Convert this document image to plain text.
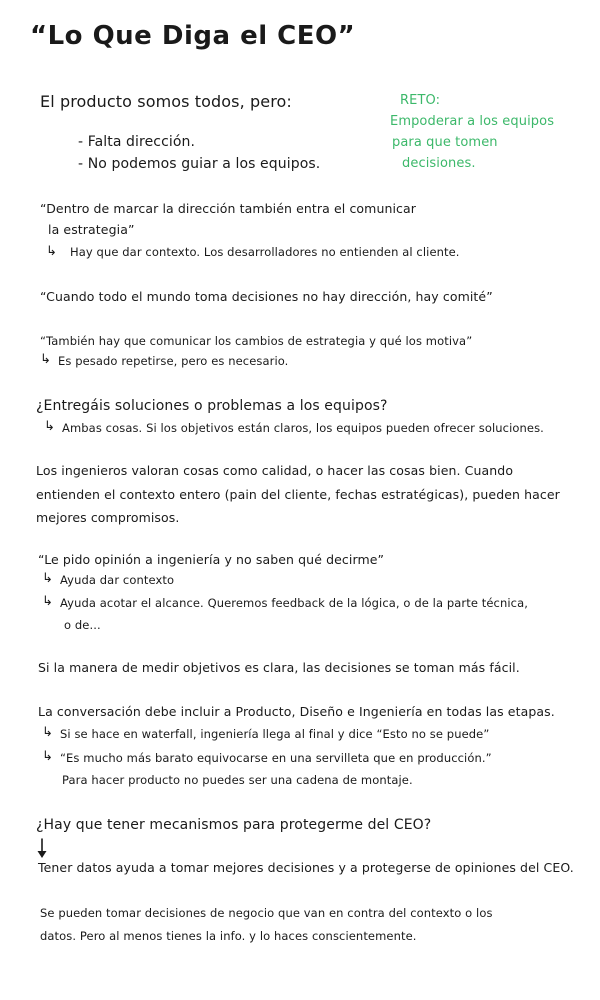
“Lo Que Diga el CEO”
El producto somos todos, pero:
- Falta dirección.
- No podemos guiar a los equipos.
RETO:
Empoderar a los equipos
para que tomen
decisiones.
“Dentro de marcar la dirección también entra el comunicar
la estrategia”
↳ Hay que dar contexto. Los desarrolladores no entienden al cliente.
“Cuando todo el mundo toma decisiones no hay dirección, hay comité”
“También hay que comunicar los cambios de estrategia y qué los motiva”
↳ Es pesado repetirse, pero es necesario.
¿Entregáis soluciones o problemas a los equipos?
↳ Ambas cosas. Si los objetivos están claros, los equipos pueden ofrecer soluciones.
Los ingenieros valoran cosas como calidad, o hacer las cosas bien. Cuando
entienden el contexto entero (pain del cliente, fechas estratégicas), pueden hacer
mejores compromisos.
“Le pido opinión a ingeniería y no saben qué decirme”
↳ Ayuda dar contexto
↳ Ayuda acotar el alcance. Queremos feedback de la lógica, o de la parte técnica,
o de...
Si la manera de medir objetivos es clara, las decisiones se toman más fácil.
La conversación debe incluir a Producto, Diseño e Ingeniería en todas las etapas.
↳ Si se hace en waterfall, ingeniería llega al final y dice “Esto no se puede”
↳ “Es mucho más barato equivocarse en una servilleta que en producción.”
Para hacer producto no puedes ser una cadena de montaje.
¿Hay que tener mecanismos para protegerme del CEO?
Tener datos ayuda a tomar mejores decisiones y a protegerse de opiniones del CEO.
Se pueden tomar decisiones de negocio que van en contra del contexto o los
datos. Pero al menos tienes la info. y lo haces conscientemente.
